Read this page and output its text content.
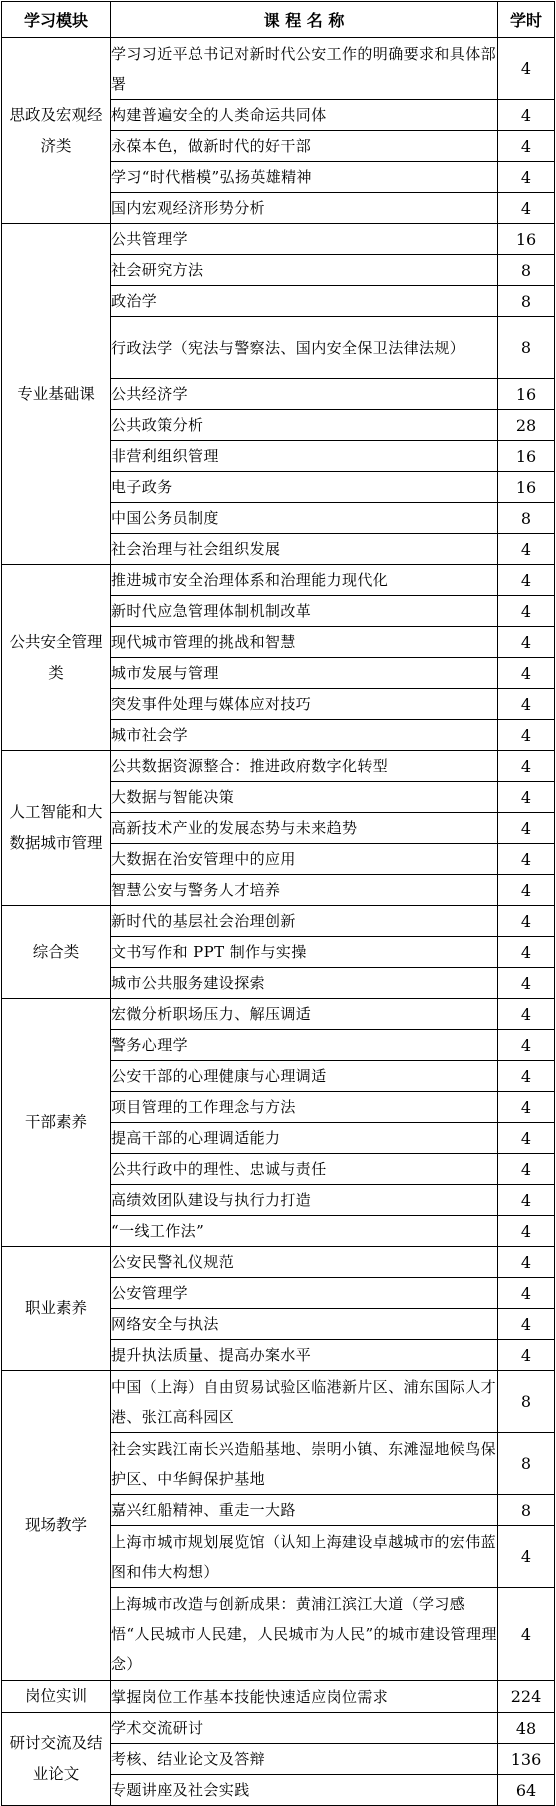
学习模块	课 程 名 称	学时
思政及宏观经济类	学习习近平总书记对新时代公安工作的明确要求和具体部署	4
	构建普遍安全的人类命运共同体	4
	永葆本色，做新时代的好干部	4
	学习“时代楷模”弘扬英雄精神	4
	国内宏观经济形势分析	4
专业基础课	公共管理学	16
	社会研究方法	8
	政治学	8
	行政法学（宪法与警察法、国内安全保卫法律法规）	8
	公共经济学	16
	公共政策分析	28
	非营利组织管理	16
	电子政务	16
	中国公务员制度	8
	社会治理与社会组织发展	4
公共安全管理类	推进城市安全治理体系和治理能力现代化	4
	新时代应急管理体制机制改革	4
	现代城市管理的挑战和智慧	4
	城市发展与管理	4
	突发事件处理与媒体应对技巧	4
	城市社会学	4
人工智能和大数据城市管理	公共数据资源整合：推进政府数字化转型	4
	大数据与智能决策	4
	高新技术产业的发展态势与未来趋势	4
	大数据在治安管理中的应用	4
	智慧公安与警务人才培养	4
综合类	新时代的基层社会治理创新	4
	文书写作和 PPT 制作与实操	4
	城市公共服务建设探索	4
干部素养	宏微分析职场压力、解压调适	4
	警务心理学	4
	公安干部的心理健康与心理调适	4
	项目管理的工作理念与方法	4
	提高干部的心理调适能力	4
	公共行政中的理性、忠诚与责任	4
	高绩效团队建设与执行力打造	4
	“一线工作法”	4
职业素养	公安民警礼仪规范	4
	公安管理学	4
	网络安全与执法	4
	提升执法质量、提高办案水平	4
现场教学	中国（上海）自由贸易试验区临港新片区、浦东国际人才港、张江高科园区	8
	社会实践江南长兴造船基地、崇明小镇、东滩湿地候鸟保护区、中华鲟保护基地	8
	嘉兴红船精神、重走一大路	8
	上海市城市规划展览馆（认知上海建设卓越城市的宏伟蓝图和伟大构想）	4
	上海城市改造与创新成果：黄浦江滨江大道（学习感悟“人民城市人民建，人民城市为人民”的城市建设管理理念）	4
岗位实训	掌握岗位工作基本技能快速适应岗位需求	224
研讨交流及结业论文	学术交流研讨	48
	考核、结业论文及答辩	136
	专题讲座及社会实践	64
